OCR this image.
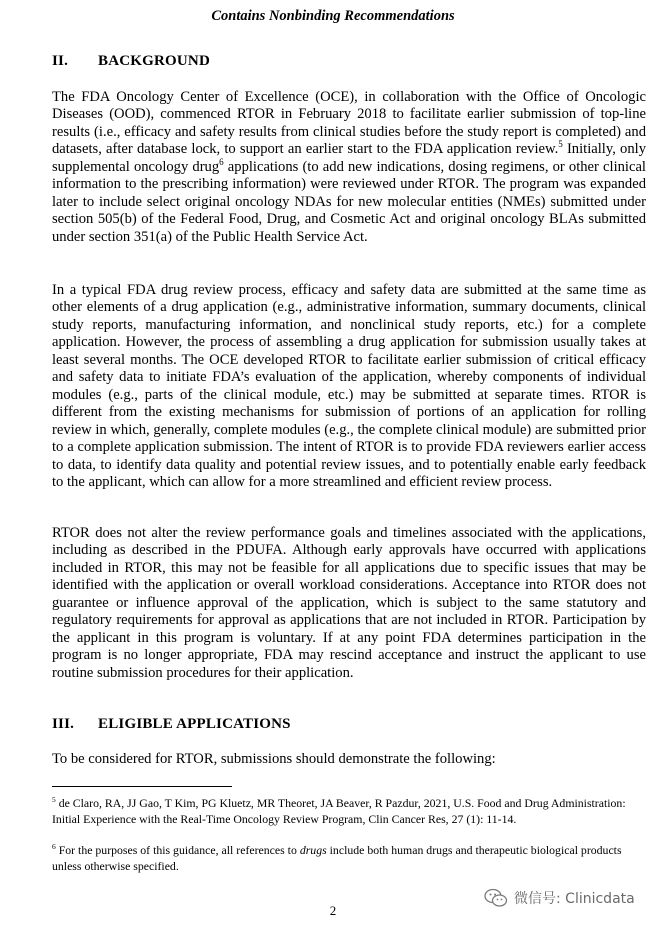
Contains Nonbinding Recommendations
II. BACKGROUND
The FDA Oncology Center of Excellence (OCE), in collaboration with the Office of Oncologic Diseases (OOD), commenced RTOR in February 2018 to facilitate earlier submission of top-line results (i.e., efficacy and safety results from clinical studies before the study report is completed) and datasets, after database lock, to support an earlier start to the FDA application review.$^5$ Initially, only supplemental oncology drug$^6$ applications (to add new indications, dosing regimens, or other clinical information to the prescribing information) were reviewed under RTOR. The program was expanded later to include select original oncology NDAs for new molecular entities (NMEs) submitted under section 505(b) of the Federal Food, Drug, and Cosmetic Act and original oncology BLAs submitted under section 351(a) of the Public Health Service Act.
In a typical FDA drug review process, efficacy and safety data are submitted at the same time as other elements of a drug application (e.g., administrative information, summary documents, clinical study reports, manufacturing information, and nonclinical study reports, etc.) for a complete application. However, the process of assembling a drug application for submission usually takes at least several months. The OCE developed RTOR to facilitate earlier submission of critical efficacy and safety data to initiate FDA’s evaluation of the application, whereby components of individual modules (e.g., parts of the clinical module, etc.) may be submitted at separate times. RTOR is different from the existing mechanisms for submission of portions of an application for rolling review in which, generally, complete modules (e.g., the complete clinical module) are submitted prior to a complete application submission. The intent of RTOR is to provide FDA reviewers earlier access to data, to identify data quality and potential review issues, and to potentially enable early feedback to the applicant, which can allow for a more streamlined and efficient review process.
RTOR does not alter the review performance goals and timelines associated with the applications, including as described in the PDUFA. Although early approvals have occurred with applications included in RTOR, this may not be feasible for all applications due to specific issues that may be identified with the application or overall workload considerations. Acceptance into RTOR does not guarantee or influence approval of the application, which is subject to the same statutory and regulatory requirements for approval as applications that are not included in RTOR. Participation by the applicant in this program is voluntary. If at any point FDA determines participation in the program is no longer appropriate, FDA may rescind acceptance and instruct the applicant to use routine submission procedures for their application.
III. ELIGIBLE APPLICATIONS
To be considered for RTOR, submissions should demonstrate the following:
$^5$ de Claro, RA, JJ Gao, T Kim, PG Kluetz, MR Theoret, JA Beaver, R Pazdur, 2021, U.S. Food and Drug Administration: Initial Experience with the Real-Time Oncology Review Program, Clin Cancer Res, 27 (1): 11-14.
$^6$ For the purposes of this guidance, all references to drugs include both human drugs and therapeutic biological products unless otherwise specified.
微信号: Clinicdata
2
